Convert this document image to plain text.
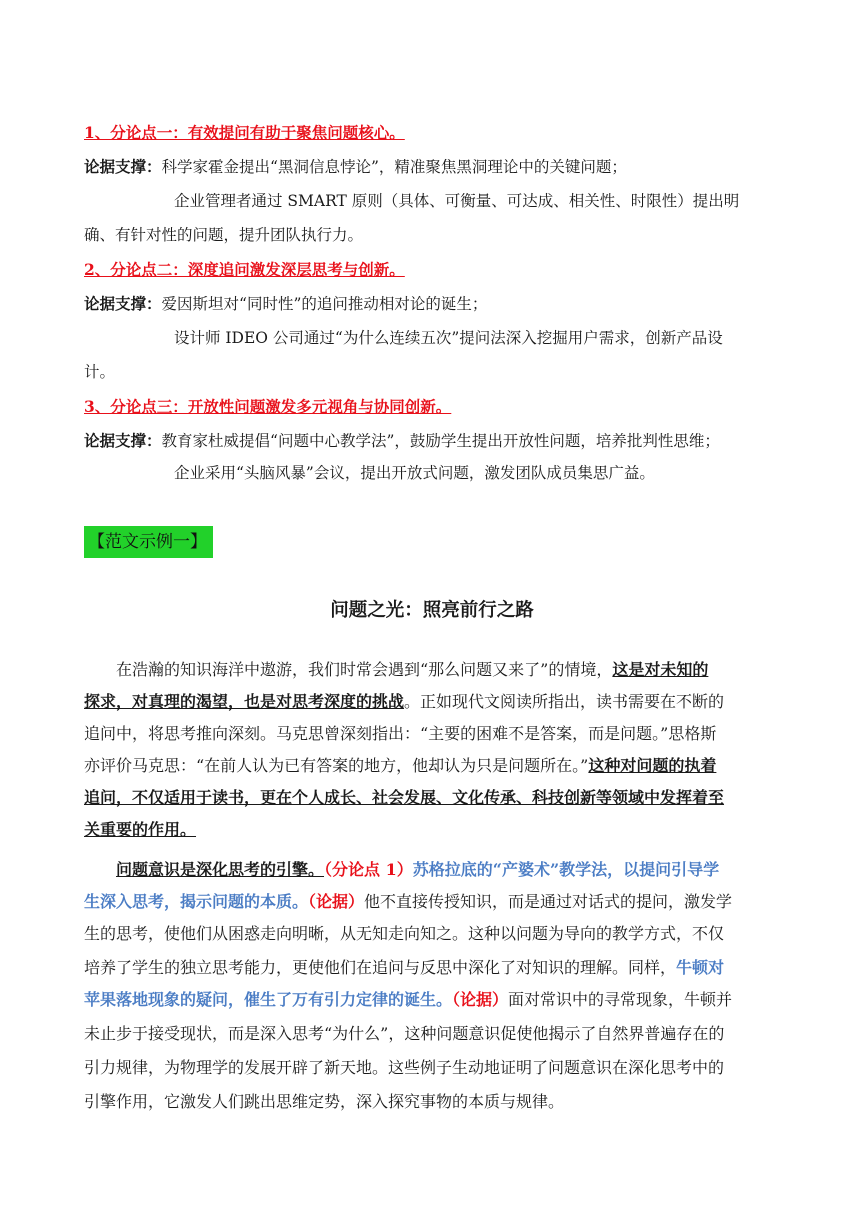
1、分论点一：有效提问有助于聚焦问题核心。
论据支撑：科学家霍金提出“黑洞信息悖论”，精准聚焦黑洞理论中的关键问题；
企业管理者通过 SMART 原则（具体、可衡量、可达成、相关性、时限性）提出明
确、有针对性的问题，提升团队执行力。
2、分论点二：深度追问激发深层思考与创新。
论据支撑：爱因斯坦对“同时性”的追问推动相对论的诞生；
设计师 IDEO 公司通过“为什么连续五次”提问法深入挖掘用户需求，创新产品设
计。
3、分论点三：开放性问题激发多元视角与协同创新。
论据支撑：教育家杜威提倡“问题中心教学法”，鼓励学生提出开放性问题，培养批判性思维；
企业采用“头脑风暴”会议，提出开放式问题，激发团队成员集思广益。
【范文示例一】
问题之光：照亮前行之路
在浩瀚的知识海洋中遨游，我们时常会遇到“那么问题又来了”的情境，这是对未知的
探求，对真理的渴望，也是对思考深度的挑战。正如现代文阅读所指出，读书需要在不断的
追问中，将思考推向深刻。马克思曾深刻指出：“主要的困难不是答案，而是问题。”思格斯
亦评价马克思：“在前人认为已有答案的地方，他却认为只是问题所在。”这种对问题的执着
追问，不仅适用于读书，更在个人成长、社会发展、文化传承、科技创新等领域中发挥着至
关重要的作用。
问题意识是深化思考的引擎。（分论点 1）苏格拉底的“产婆术”教学法，以提问引导学
生深入思考，揭示问题的本质。（论据）他不直接传授知识，而是通过对话式的提问，激发学
生的思考，使他们从困惑走向明晰，从无知走向知之。这种以问题为导向的教学方式，不仅
培养了学生的独立思考能力，更使他们在追问与反思中深化了对知识的理解。同样，牛顿对
苹果落地现象的疑问，催生了万有引力定律的诞生。（论据）面对常识中的寻常现象，牛顿并
未止步于接受现状，而是深入思考“为什么”，这种问题意识促使他揭示了自然界普遍存在的
引力规律，为物理学的发展开辟了新天地。这些例子生动地证明了问题意识在深化思考中的
引擎作用，它激发人们跳出思维定势，深入探究事物的本质与规律。
